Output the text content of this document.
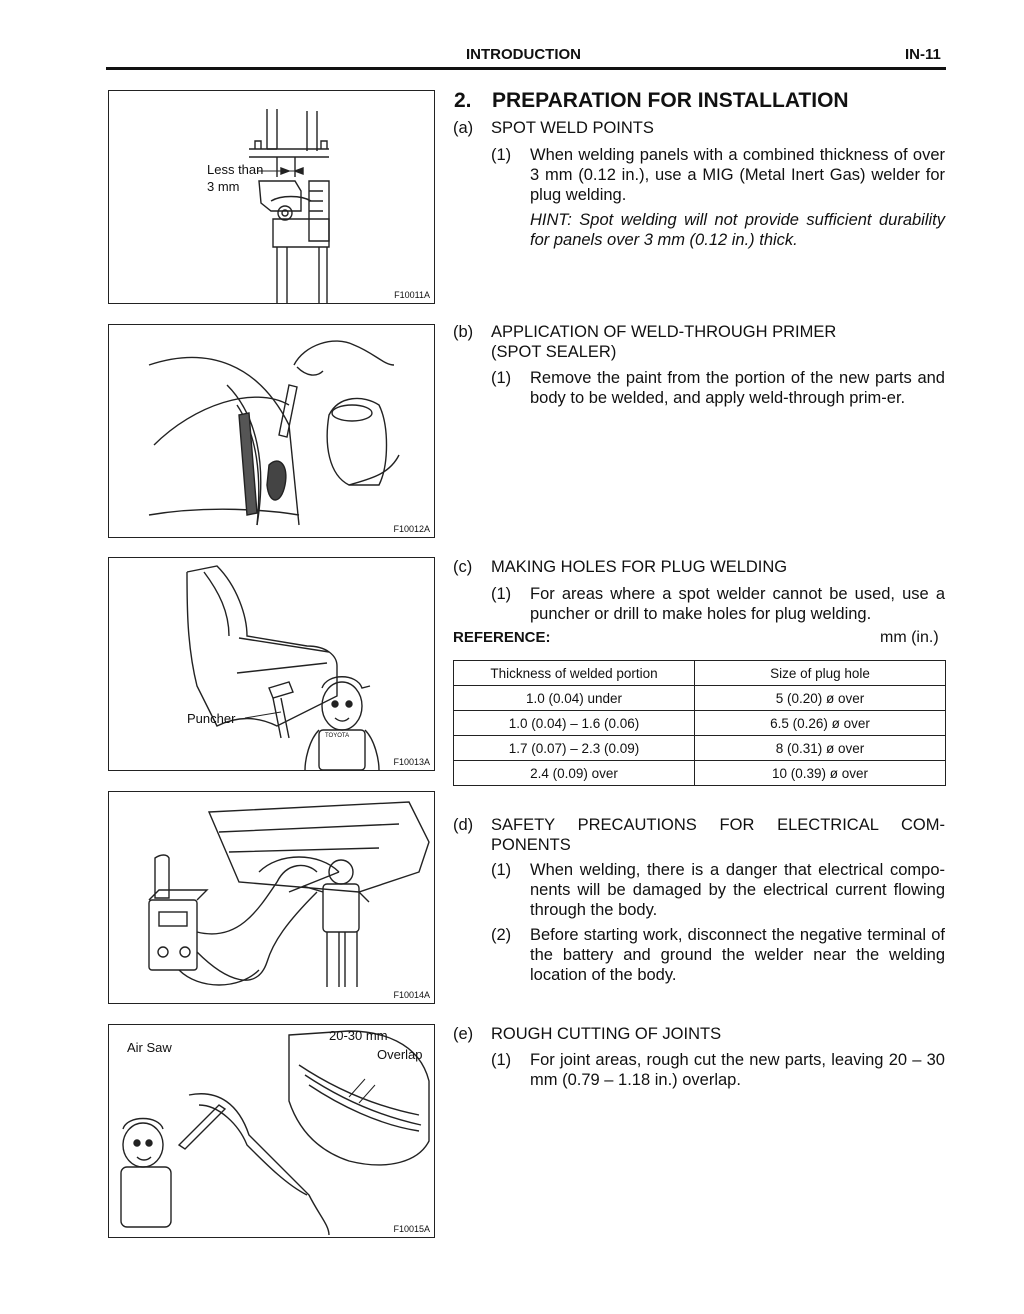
INTRODUCTION	IN-11
Less than
3 mm
F10011A
F10012A
Puncher
TOYOTA
F10013A
F10014A
Air Saw
20-30 mm
Overlap
F10015A
2. PREPARATION FOR INSTALLATION
(a) SPOT WELD POINTS
(1) When welding panels with a combined thickness of over 3 mm (0.12 in.), use a MIG (Metal Inert Gas) welder for plug welding.
HINT: Spot welding will not provide sufficient durability for panels over 3 mm (0.12 in.) thick.
(b) APPLICATION OF WELD-THROUGH PRIMER
(SPOT SEALER)
(1) Remove the paint from the portion of the new parts and body to be welded, and apply weld-through prim-er.
(c) MAKING HOLES FOR PLUG WELDING
(1) For areas where a spot welder cannot be used, use a puncher or drill to make holes for plug welding.
REFERENCE:	mm (in.)
Thickness of welded portion	Size of plug hole
1.0 (0.04) under	5 (0.20) ø over
1.0 (0.04) – 1.6 (0.06)	6.5 (0.26) ø over
1.7 (0.07) – 2.3 (0.09)	8 (0.31) ø over
2.4 (0.09) over	10 (0.39) ø over
(d) SAFETY PRECAUTIONS FOR ELECTRICAL COM-PONENTS
(1) When welding, there is a danger that electrical compo-nents will be damaged by the electrical current flowing through the body.
(2) Before starting work, disconnect the negative terminal of the battery and ground the welder near the welding location of the body.
(e) ROUGH CUTTING OF JOINTS
(1) For joint areas, rough cut the new parts, leaving 20 – 30 mm (0.79 – 1.18 in.) overlap.
